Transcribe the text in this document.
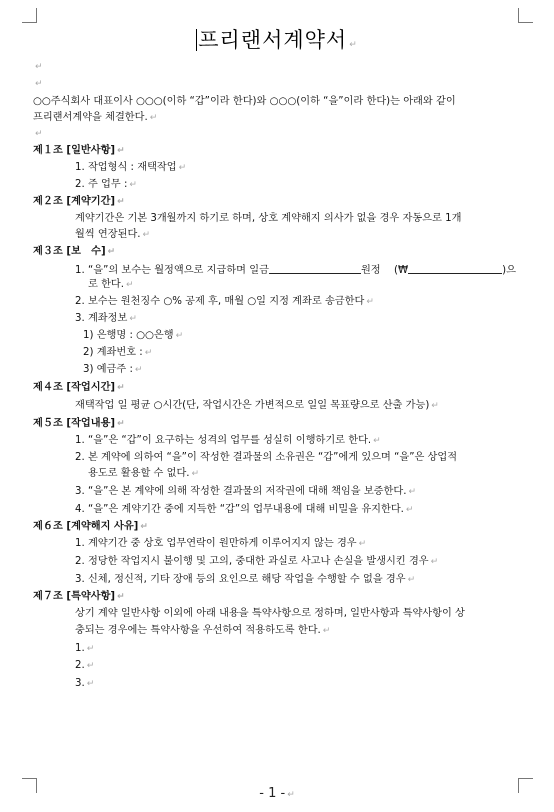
프리랜서계약서 ↵
↵
↵
○○주식회사 대표이사 ○○○(이하 “갑”이라 한다)와 ○○○(이하 “을”이라 한다)는 아래와 같이
프리랜서계약을 체결한다. ↵
↵
제１조 [일반사항] ↵
1. 작업형식 : 재택작업 ↵
2. 주 업무 : ↵
제２조 [계약기간] ↵
계약기간은 기본 3개월까지 하기로 하며, 상호 계약해지 의사가 없을 경우 자동으로 1개
월씩 연장된다. ↵
제３조 [보　수] ↵
1. “을”의 보수는 월정액으로 지급하며 일금	원정 　(₩	)으
로 한다. ↵
2. 보수는 원천징수 ○% 공제 후, 매월 ○일 지정 계좌로 송금한다 ↵
3. 계좌정보 ↵
1) 은행명 : ○○은행 ↵
2) 계좌번호 : ↵
3) 예금주 : ↵
제４조 [작업시간] ↵
재택작업 일 평균 ○시간(단, 작업시간은 가변적으로 일일 목표량으로 산출 가능) ↵
제５조 [작업내용] ↵
1. “을”은 “갑”이 요구하는 성격의 업무를 성실히 이행하기로 한다. ↵
2. 본 계약에 의하여 “을”이 작성한 결과물의 소유권은 “갑”에게 있으며 “을”은 상업적
용도로 활용할 수 없다. ↵
3. “을”은 본 계약에 의해 작성한 결과물의 저작권에 대해 책임을 보증한다. ↵
4. “을”은 계약기간 중에 지득한 “갑”의 업무내용에 대해 비밀을 유지한다. ↵
제６조 [계약해지 사유] ↵
1. 계약기간 중 상호 업무연락이 원만하게 이루어지지 않는 경우 ↵
2. 정당한 작업지시 불이행 및 고의, 중대한 과실로 사고나 손실을 발생시킨 경우 ↵
3. 신체, 정신적, 기타 장애 등의 요인으로 해당 작업을 수행할 수 없을 경우 ↵
제７조 [특약사항] ↵
상기 계약 일반사항 이외에 아래 내용을 특약사항으로 정하며, 일반사항과 특약사항이 상
충되는 경우에는 특약사항을 우선하여 적용하도록 한다. ↵
1. ↵
2. ↵
3. ↵
- 1 - ↵
